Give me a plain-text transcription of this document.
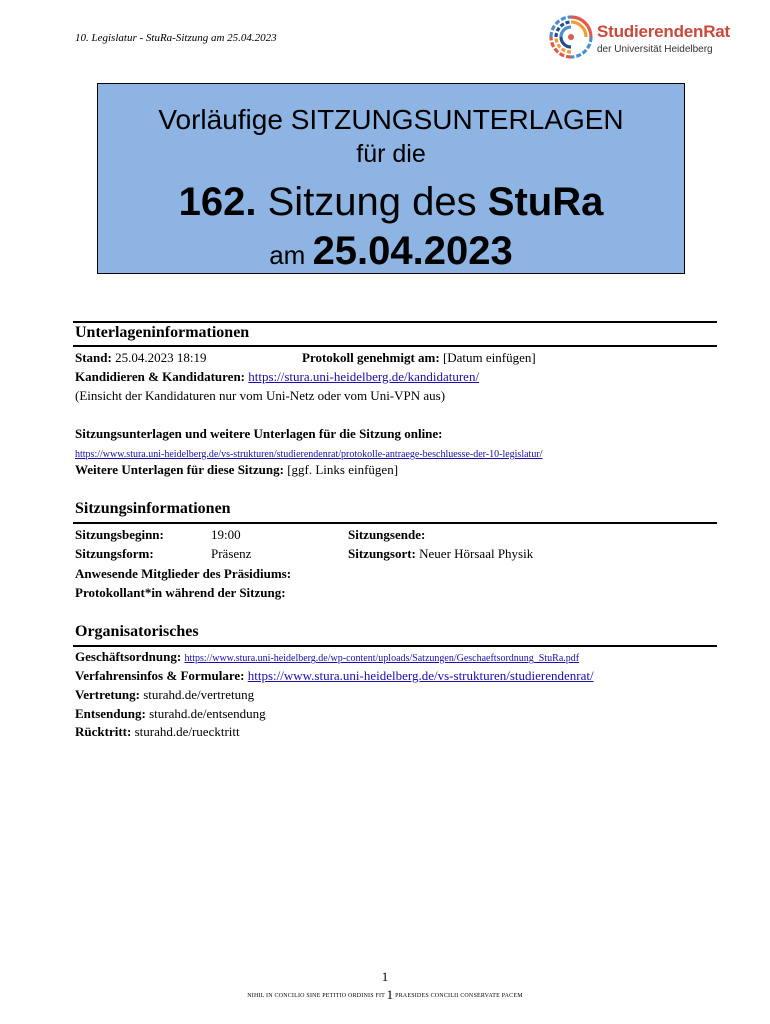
10. Legislatur - StuRa-Sitzung am 25.04.2023	StudierendenRat
der Universität Heidelberg
Vorläufige SITZUNGSUNTERLAGEN
für die
162. Sitzung des StuRa
am 25.04.2023
Unterlageninformationen
Stand: 25.04.2023 18:19	Protokoll genehmigt am: [Datum einfügen]
Kandidieren & Kandidaturen: https://stura.uni-heidelberg.de/kandidaturen/
(Einsicht der Kandidaturen nur vom Uni-Netz oder vom Uni-VPN aus)
Sitzungsunterlagen und weitere Unterlagen für die Sitzung online:
https://www.stura.uni-heidelberg.de/vs-strukturen/studierendenrat/protokolle-antraege-beschluesse-der-10-legislatur/
Weitere Unterlagen für diese Sitzung: [ggf. Links einfügen]
Sitzungsinformationen
Sitzungsbeginn:	19:00	Sitzungsende:
Sitzungsform:	Präsenz	Sitzungsort: Neuer Hörsaal Physik
Anwesende Mitglieder des Präsidiums:
Protokollant*in während der Sitzung:
Organisatorisches
Geschäftsordnung: https://www.stura.uni-heidelberg.de/wp-content/uploads/Satzungen/Geschaeftsordnung_StuRa.pdf
Verfahrensinfos & Formulare: https://www.stura.uni-heidelberg.de/vs-strukturen/studierendenrat/
Vertretung: sturahd.de/vertretung
Entsendung: sturahd.de/entsendung
Rücktritt: sturahd.de/ruecktritt
1
NIHIL IN CONCILIO SINE PETITIO ORDINIS FIT 1 PRAESIDES CONCILII CONSERVATE PACEM
